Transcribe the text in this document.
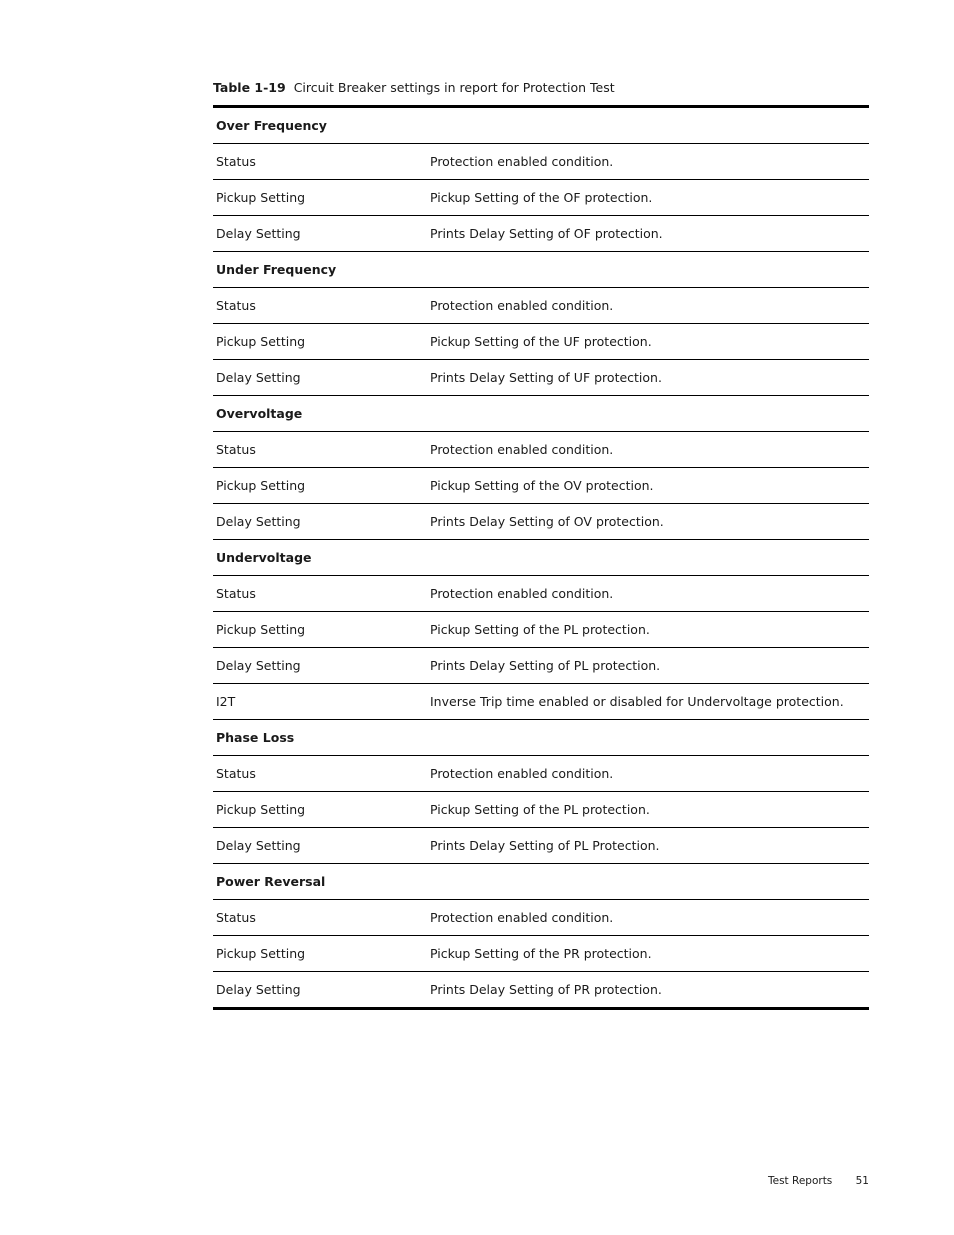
Table 1-19 Circuit Breaker settings in report for Protection Test
Over Frequency
Status	Protection enabled condition.
Pickup Setting	Pickup Setting of the OF protection.
Delay Setting	Prints Delay Setting of OF protection.
Under Frequency
Status	Protection enabled condition.
Pickup Setting	Pickup Setting of the UF protection.
Delay Setting	Prints Delay Setting of UF protection.
Overvoltage
Status	Protection enabled condition.
Pickup Setting	Pickup Setting of the OV protection.
Delay Setting	Prints Delay Setting of OV protection.
Undervoltage
Status	Protection enabled condition.
Pickup Setting	Pickup Setting of the PL protection.
Delay Setting	Prints Delay Setting of PL protection.
I2T	Inverse Trip time enabled or disabled for Undervoltage protection.
Phase Loss
Status	Protection enabled condition.
Pickup Setting	Pickup Setting of the PL protection.
Delay Setting	Prints Delay Setting of PL Protection.
Power Reversal
Status	Protection enabled condition.
Pickup Setting	Pickup Setting of the PR protection.
Delay Setting	Prints Delay Setting of PR protection.
Test Reports 51
